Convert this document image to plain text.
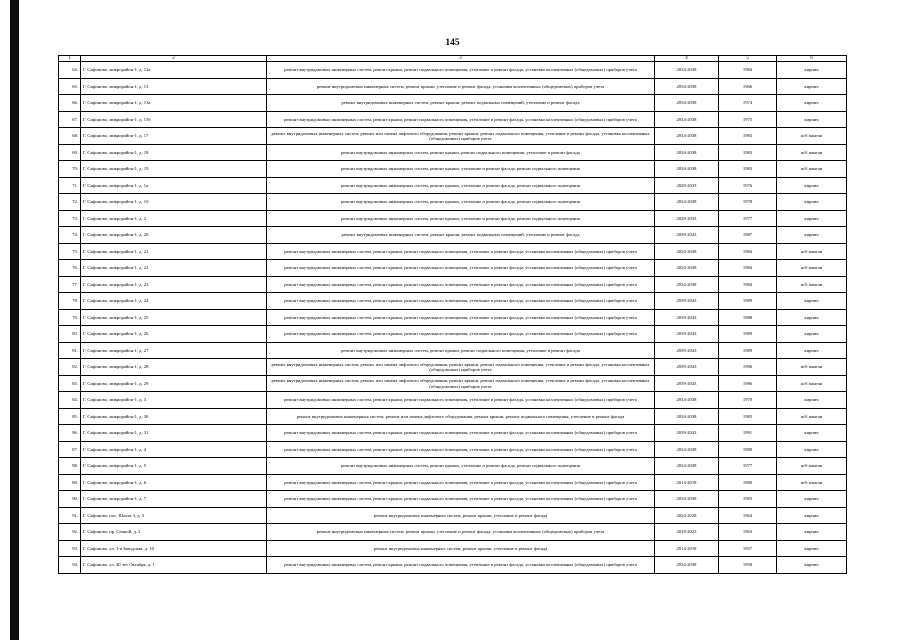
145
1	2	3	4	5	6
64.	Г. Сафоново, микрорайон-1, д. 12а	ремонт внутридомовых инженерных систем, ремонт крыши, ремонт подвального помещения, утепление и ремонт фасада, установка коллективных (общедомовых) приборов учета	2034-2038	1984	кирпич
65.	Г. Сафоново, микрорайон-1, д. 13	ремонт внутридомовых инженерных систем, ремонт крыши, утепление и ремонт фасада, установка коллективных (общедомовых) приборов учета	2034-2038	1966	кирпич
66.	Г. Сафоново, микрорайон-1, д. 13а	ремонт внутридомовых инженерных систем, ремонт крыши, ремонт подвальных помещений, утепление и ремонт фасада	2034-2038	1974	кирпич
67.	Г. Сафоново, микрорайон-1, д. 13б	ремонт внутридомовых инженерных систем, ремонт крыши, ремонт подвального помещения, утепление и ремонт фасада, установка коллективных (общедомовых) приборов учета	2034-2038	1975	кирпич
68.	Г. Сафоново, микрорайон-1, д. 17	ремонт внутридомовых инженерных систем, ремонт или замена лифтового оборудования, ремонт крыши, ремонт подвального помещения, утепление и ремонт фасада, установка коллективных (общедомовых) приборов учета	2034-2038	1983	ж/б панели
69.	Г. Сафоново, микрорайон-1, д. 18	ремонт внутридомовых инженерных систем, ремонт крыши, ремонт подвального помещения, утепление и ремонт фасада	2034-2038	1983	ж/б панели
70.	Г. Сафоново, микрорайон-1, д. 19	ремонт внутридомовых инженерных систем, ремонт крыши, утепление и ремонт фасада, ремонт подвального помещения	2034-2038	1983	ж/б панели
71.	Г. Сафоново, микрорайон-1, д. 1а	ремонт внутридомовых инженерных систем, ремонт крыши, утепление и ремонт фасада, ремонт подвального помещения	2029-2033	1976	кирпич
72.	Г. Сафоново, микрорайон-1, д. 1б	ремонт внутридомовых инженерных систем, ремонт крыши, утепление и ремонт фасада, ремонт подвального помещения	2034-2038	1978	кирпич
73.	Г. Сафоново, микрорайон-1, д. 2	ремонт внутридомовых инженерных систем, ремонт крыши, утепление и ремонт фасада, ремонт подвального помещения	2029-2033	1977	кирпич
74.	Г. Сафоново, микрорайон-1, д. 20	ремонт внутридомовых инженерных систем, ремонт крыши, ремонт подвальных помещений, утепление и ремонт фасада	2039-2043	1987	кирпич
75.	Г. Сафоново, микрорайон-1, д. 21	ремонт внутридомовых инженерных систем, ремонт крыши, ремонт подвального помещения, утепление и ремонт фасада, установка коллективных (общедомовых) приборов учета	2034-2038	1984	ж/б панели
76.	Г. Сафоново, микрорайон-1, д. 22	ремонт внутридомовых инженерных систем, ремонт крыши, ремонт подвального помещения, утепление и ремонт фасада, установка коллективных (общедомовых) приборов учета	2034-2038	1984	ж/б панели
77.	Г. Сафоново, микрорайон-1, д. 23	ремонт внутридомовых инженерных систем, ремонт крыши, ремонт подвального помещения, утепление и ремонт фасада, установка коллективных (общедомовых) приборов учета	2034-2038	1984	ж/б панели
78.	Г. Сафоново, микрорайон-1, д. 24	ремонт внутридомовых инженерных систем, ремонт крыши, ремонт подвального помещения, утепление и ремонт фасада, установка коллективных (общедомовых) приборов учета	2039-2043	1989	кирпич
79.	Г. Сафоново, микрорайон-1, д. 25	ремонт внутридомовых инженерных систем, ремонт крыши, ремонт подвального помещения, утепление и ремонт фасада, установка коллективных (общедомовых) приборов учета	2039-2043	1988	кирпич
80.	Г. Сафоново, микрорайон-1, д. 26	ремонт внутридомовых инженерных систем, ремонт крыши, ремонт подвального помещения, утепление и ремонт фасада, установка коллективных (общедомовых) приборов учета	2039-2043	1989	кирпич
81.	Г. Сафоново, микрорайон-1, д. 27	ремонт внутридомовых инженерных систем, ремонт крыши, ремонт подвального помещения, утепление и ремонт фасада	2039-2043	1989	кирпич
82.	Г. Сафоново, микрорайон-1, д. 28	ремонт внутридомовых инженерных систем, ремонт или замена лифтового оборудования, ремонт крыши, ремонт подвального помещения, утепление и ремонт фасада, установка коллективных (общедомовых) приборов учета	2039-2043	1986	ж/б панели
83.	Г. Сафоново, микрорайон-1, д. 29	ремонт внутридомовых инженерных систем, ремонт или замена лифтового оборудования, ремонт крыши, ремонт подвального помещения, утепление и ремонт фасада, установка коллективных (общедомовых) приборов учета	2039-2043	1986	ж/б панели
84.	Г. Сафоново, микрорайон-1, д. 3	ремонт внутридомовых инженерных систем, ремонт крыши, ремонт подвального помещения, утепление и ремонт фасада, установка коллективных (общедомовых) приборов учета	2034-2038	1970	кирпич
85.	Г. Сафоново, микрорайон-1, д. 30	ремонт внутридомовых инженерных систем, ремонт или замена лифтового оборудования, ремонт крыши, ремонт подвального помещения, утепление и ремонт фасада	2034-2038	1985	ж/б панели
86.	Г. Сафоново, микрорайон-1, д. 31	ремонт внутридомовых инженерных систем, ремонт крыши, ремонт подвального помещения, утепление и ремонт фасада, установка коллективных (общедомовых) приборов учета	2039-2043	1991	кирпич
87.	Г. Сафоново, микрорайон-1, д. 4	ремонт внутридомовых инженерных систем, ремонт крыши, ремонт подвального помещения, утепление и ремонт фасада, установка коллективных (общедомовых) приборов учета	2034-2038	1980	кирпич
88.	Г. Сафоново, микрорайон-1, д. 5	ремонт внутридомовых инженерных систем, ремонт крыши, утепление и ремонт фасада, ремонт подвального помещения	2034-2038	1977	ж/б панели
89.	Г. Сафоново, микрорайон-1, д. 6	ремонт внутридомовых инженерных систем, ремонт крыши, ремонт подвального помещения, утепление и ремонт фасада, установка коллективных (общедомовых) приборов учета	2014-2018	1980	ж/б панели
90.	Г. Сафоново, микрорайон-1, д. 7	ремонт внутридомовых инженерных систем, ремонт крыши, ремонт подвального помещения, утепление и ремонт фасада, установка коллективных (общедомовых) приборов учета	2034-2038	1983	кирпич
91.	Г. Сафоново, пос. Шахта 3, д. 5	ремонт внутридомовых инженерных систем, ремонт крыши, утепление и ремонт фасада	2024-2028	1964	кирпич
92.	Г. Сафоново, пр. Сенной, д. 2	ремонт внутридомовых инженерных систем, ремонт крыши, утепление и ремонт фасада, установка коллективных (общедомовых) приборов учета	2019-2023	1963	кирпич
93.	Г. Сафоново, ул. 1-я Заводская, д. 10	ремонт внутридомовых инженерных систем, ремонт крыши, утепление и ремонт фасада	2014-2018	1957	кирпич
94.	Г. Сафоново, ул. 40 лет Октября, д. 1	ремонт внутридомовых инженерных систем, ремонт крыши, ремонт подвального помещения, утепление и ремонт фасада, установка коллективных (общедомовых) приборов учета	2034-2038	1958	кирпич
